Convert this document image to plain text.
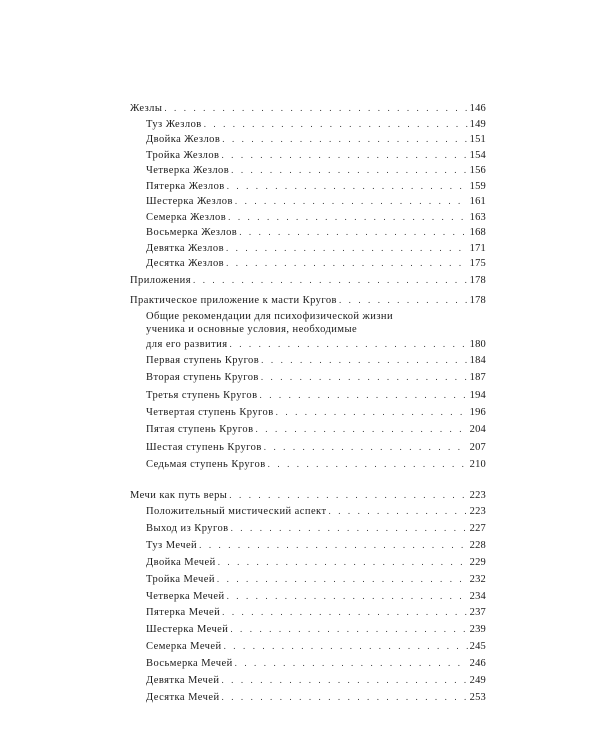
Жезлы . . .	146
Туз Жезлов . . .	149
Двойка Жезлов . . .	151
Тройка Жезлов . . .	154
Четверка Жезлов . . .	156
Пятерка Жезлов . . .	159
Шестерка Жезлов . . .	161
Семерка Жезлов . . .	163
Восьмерка Жезлов . . .	168
Девятка Жезлов . . .	171
Десятка Жезлов . . .	175
Приложения . . .	178
Практическое приложение к масти Кругов . . .	178
Общие рекомендации для психофизической жизни
ученика и основные условия, необходимые
для его развития . . .	180
Первая ступень Кругов . . .	184
Вторая ступень Кругов . . .	187
Третья ступень Кругов . . .	194
Четвертая ступень Кругов . . .	196
Пятая ступень Кругов . . .	204
Шестая ступень Кругов . . .	207
Седьмая ступень Кругов . . .	210
Мечи как путь веры . . .	223
Положительный мистический аспект . . .	223
Выход из Кругов . . .	227
Туз Мечей . . .	228
Двойка Мечей . . .	229
Тройка Мечей . . .	232
Четверка Мечей . . .	234
Пятерка Мечей . . .	237
Шестерка Мечей . . .	239
Семерка Мечей . . .	245
Восьмерка Мечей . . .	246
Девятка Мечей . . .	249
Десятка Мечей . . .	253
